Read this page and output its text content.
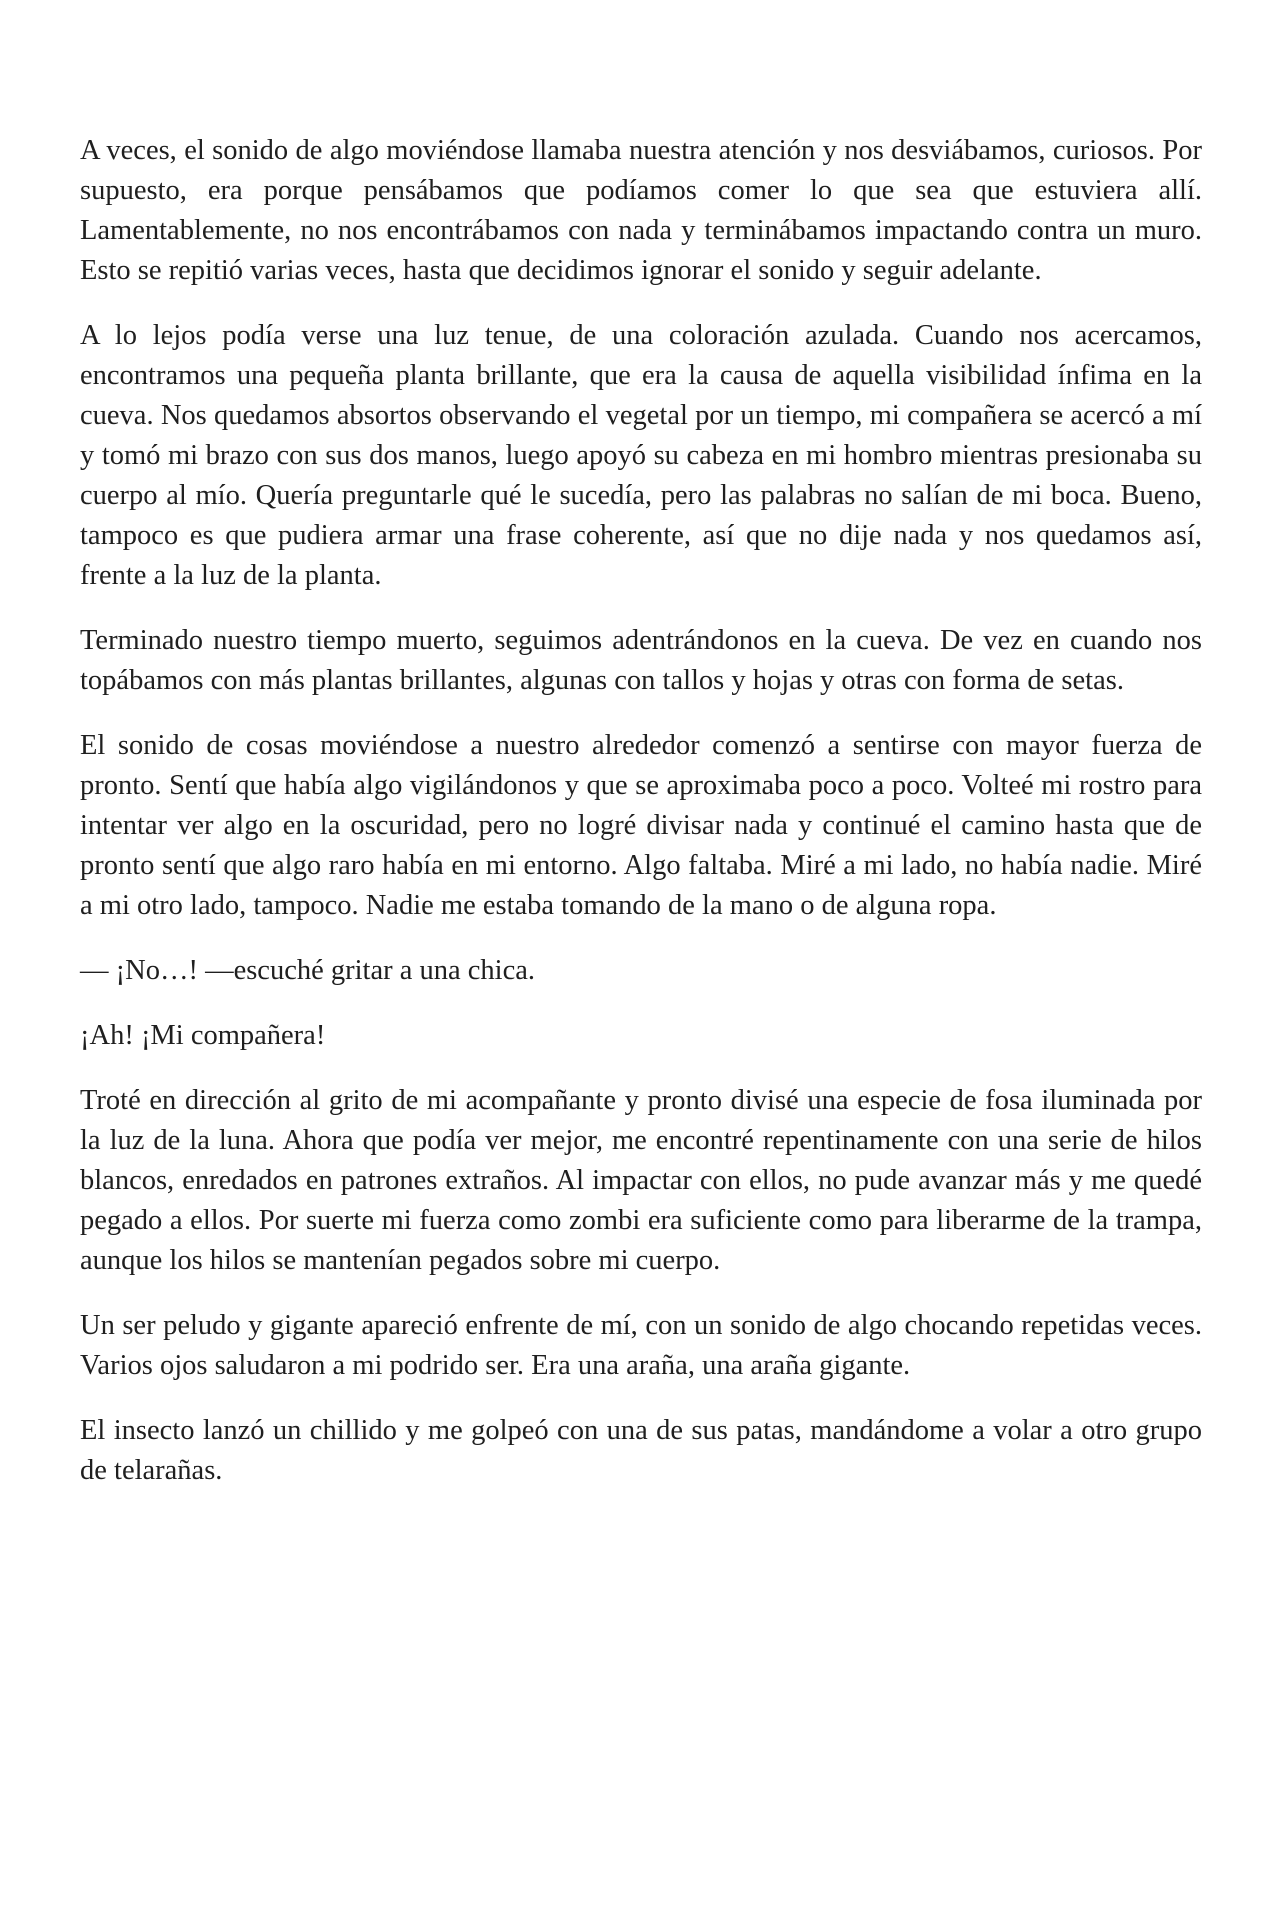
A veces, el sonido de algo moviéndose llamaba nuestra atención y nos desviábamos, curiosos. Por supuesto, era porque pensábamos que podíamos comer lo que sea que estuviera allí. Lamentablemente, no nos encontrábamos con nada y terminábamos impactando contra un muro. Esto se repitió varias veces, hasta que decidimos ignorar el sonido y seguir adelante.

A lo lejos podía verse una luz tenue, de una coloración azulada. Cuando nos acercamos, encontramos una pequeña planta brillante, que era la causa de aquella visibilidad ínfima en la cueva. Nos quedamos absortos observando el vegetal por un tiempo, mi compañera se acercó a mí y tomó mi brazo con sus dos manos, luego apoyó su cabeza en mi hombro mientras presionaba su cuerpo al mío. Quería preguntarle qué le sucedía, pero las palabras no salían de mi boca. Bueno, tampoco es que pudiera armar una frase coherente, así que no dije nada y nos quedamos así, frente a la luz de la planta.

Terminado nuestro tiempo muerto, seguimos adentrándonos en la cueva. De vez en cuando nos topábamos con más plantas brillantes, algunas con tallos y hojas y otras con forma de setas.

El sonido de cosas moviéndose a nuestro alrededor comenzó a sentirse con mayor fuerza de pronto. Sentí que había algo vigilándonos y que se aproximaba poco a poco. Volteé mi rostro para intentar ver algo en la oscuridad, pero no logré divisar nada y continué el camino hasta que de pronto sentí que algo raro había en mi entorno. Algo faltaba. Miré a mi lado, no había nadie. Miré a mi otro lado, tampoco. Nadie me estaba tomando de la mano o de alguna ropa.

— ¡No…! —escuché gritar a una chica.

¡Ah! ¡Mi compañera!

Troté en dirección al grito de mi acompañante y pronto divisé una especie de fosa iluminada por la luz de la luna. Ahora que podía ver mejor, me encontré repentinamente con una serie de hilos blancos, enredados en patrones extraños. Al impactar con ellos, no pude avanzar más y me quedé pegado a ellos. Por suerte mi fuerza como zombi era suficiente como para liberarme de la trampa, aunque los hilos se mantenían pegados sobre mi cuerpo.

Un ser peludo y gigante apareció enfrente de mí, con un sonido de algo chocando repetidas veces. Varios ojos saludaron a mi podrido ser. Era una araña, una araña gigante.

El insecto lanzó un chillido y me golpeó con una de sus patas, mandándome a volar a otro grupo de telarañas.
